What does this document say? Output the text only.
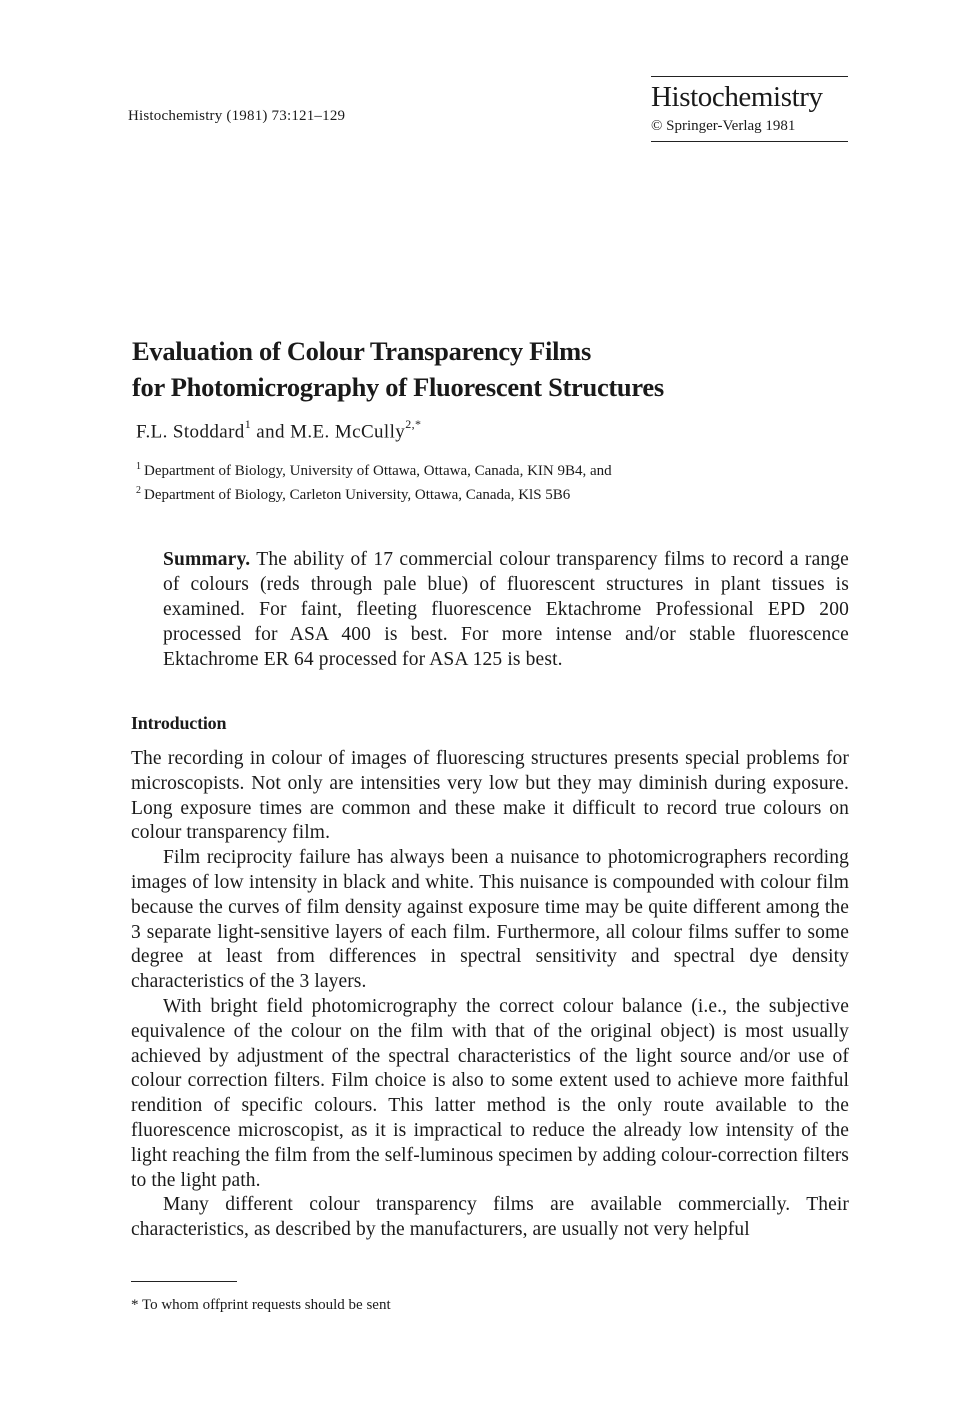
Histochemistry (1981) 73:121–129
Histochemistry
© Springer-Verlag 1981
Evaluation of Colour Transparency Films
for Photomicrography of Fluorescent Structures
F.L. Stoddard$^1$ and M.E. McCully$^{2,*}$
$^1$ Department of Biology, University of Ottawa, Ottawa, Canada, KIN 9B4, and
$^2$ Department of Biology, Carleton University, Ottawa, Canada, KlS 5B6
Summary. The ability of 17 commercial colour transparency films to record a range of colours (reds through pale blue) of fluorescent structures in plant tissues is examined. For faint, fleeting fluorescence Ektachrome Professional EPD 200 processed for ASA 400 is best. For more intense and/or stable fluorescence Ektachrome ER 64 processed for ASA 125 is best.
Introduction

The recording in colour of images of fluorescing structures presents special problems for microscopists. Not only are intensities very low but they may diminish during exposure. Long exposure times are common and these make it difficult to record true colours on colour transparency film.

Film reciprocity failure has always been a nuisance to photomicrographers recording images of low intensity in black and white. This nuisance is compounded with colour film because the curves of film density against exposure time may be quite different among the 3 separate light-sensitive layers of each film. Furthermore, all colour films suffer to some degree at least from differences in spectral sensitivity and spectral dye density characteristics of the 3 layers.

With bright field photomicrography the correct colour balance (i.e., the subjective equivalence of the colour on the film with that of the original object) is most usually achieved by adjustment of the spectral characteristics of the light source and/or use of colour correction filters. Film choice is also to some extent used to achieve more faithful rendition of specific colours. This latter method is the only route available to the fluorescence microscopist, as it is impractical to reduce the already low intensity of the light reaching the film from the self-luminous specimen by adding colour-correction filters to the light path.

Many different colour transparency films are available commercially. Their characteristics, as described by the manufacturers, are usually not very helpful

* To whom offprint requests should be sent
